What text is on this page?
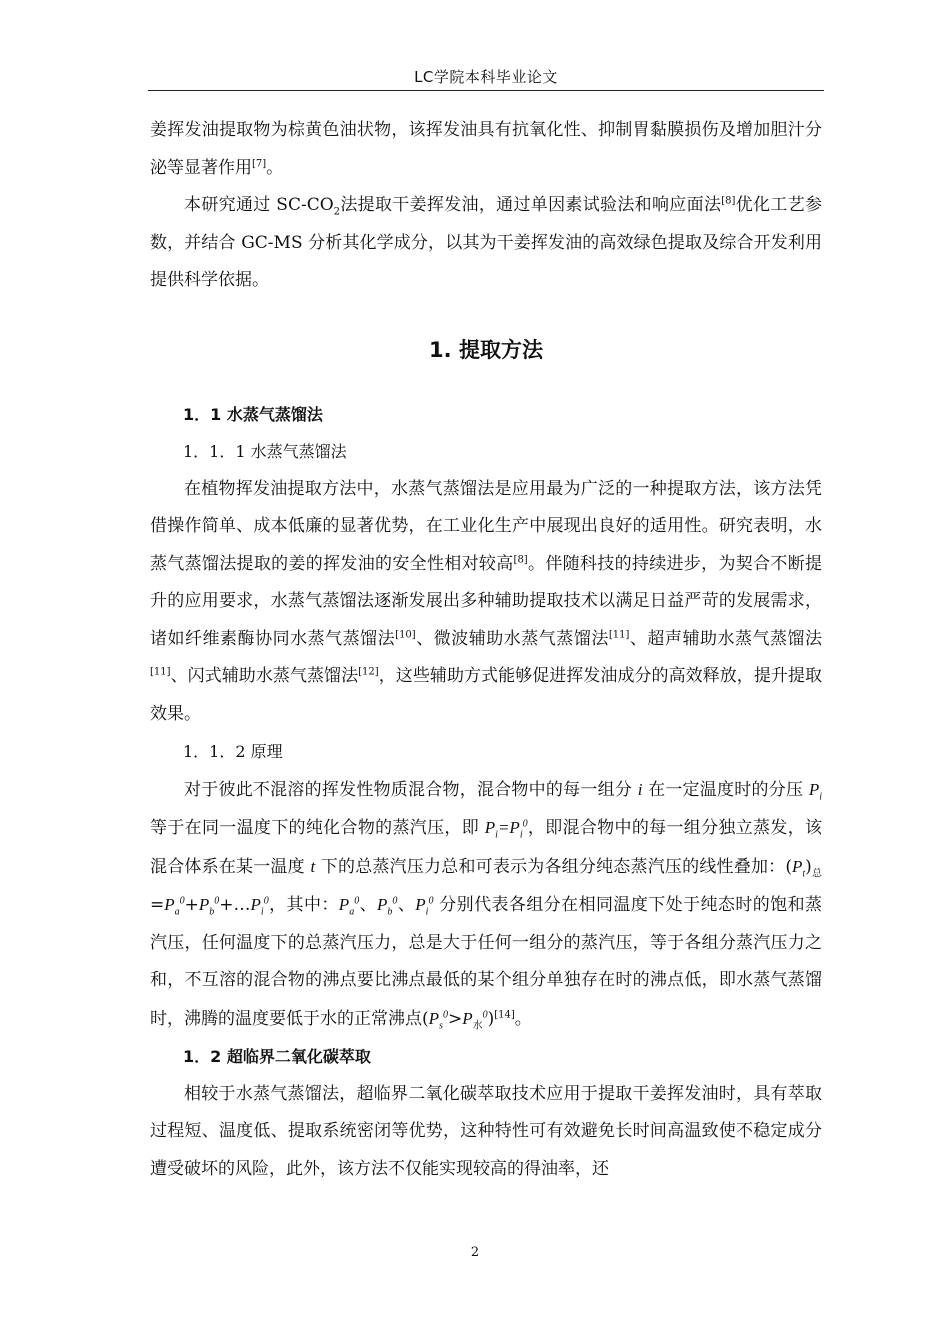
LC学院本科毕业论文

姜挥发油提取物为棕黄色油状物，该挥发油具有抗氧化性、抑制胃黏膜损伤及增加胆汁分泌等显著作用[7]。

本研究通过 $SC-CO_2$法提取干姜挥发油，通过单因素试验法和响应面法[8]优化工艺参数，并结合 GC-MS 分析其化学成分，以其为干姜挥发油的高效绿色提取及综合开发利用提供科学依据。

1. 提取方法
1．1 水蒸气蒸馏法
1．1．1 水蒸气蒸馏法

在植物挥发油提取方法中，水蒸气蒸馏法是应用最为广泛的一种提取方法，该方法凭借操作简单、成本低廉的显著优势，在工业化生产中展现出良好的适用性。研究表明，水蒸气蒸馏法提取的姜的挥发油的安全性相对较高[8]。伴随科技的持续进步，为契合不断提升的应用要求，水蒸气蒸馏法逐渐发展出多种辅助提取技术以满足日益严苛的发展需求，诸如纤维素酶协同水蒸气蒸馏法[10]、微波辅助水蒸气蒸馏法[11]、超声辅助水蒸气蒸馏法[11]、闪式辅助水蒸气蒸馏法[12]，这些辅助方式能够促进挥发油成分的高效释放，提升提取效果。

1．1．2 原理

对于彼此不混溶的挥发性物质混合物，混合物中的每一组分 i 在一定温度时的分压 $P_i$ 等于在同一温度下的纯化合物的蒸汽压，即 $P_i=P_i^0$，即混合物中的每一组分独立蒸发，该混合体系在某一温度 t 下的总蒸汽压力总和可表示为各组分纯态蒸汽压的线性叠加：$(P_t)_总=P_a^0+P_b^0+\dots P_i^0$，其中：$P_a^0$、$P_b^0$、$P_i^0$ 分别代表各组分在相同温度下处于纯态时的饱和蒸汽压，任何温度下的总蒸汽压力，总是大于任何一组分的蒸汽压，等于各组分蒸汽压力之和，不互溶的混合物的沸点要比沸点最低的某个组分单独存在时的沸点低，即水蒸气蒸馏时，沸腾的温度要低于水的正常沸点$(P_s^0>P_水^0)[14]$。

1．2 超临界二氧化碳萃取

相较于水蒸气蒸馏法，超临界二氧化碳萃取技术应用于提取干姜挥发油时，具有萃取过程短、温度低、提取系统密闭等优势，这种特性可有效避免长时间高温致使不稳定成分遭受破坏的风险，此外，该方法不仅能实现较高的得油率，还

2
